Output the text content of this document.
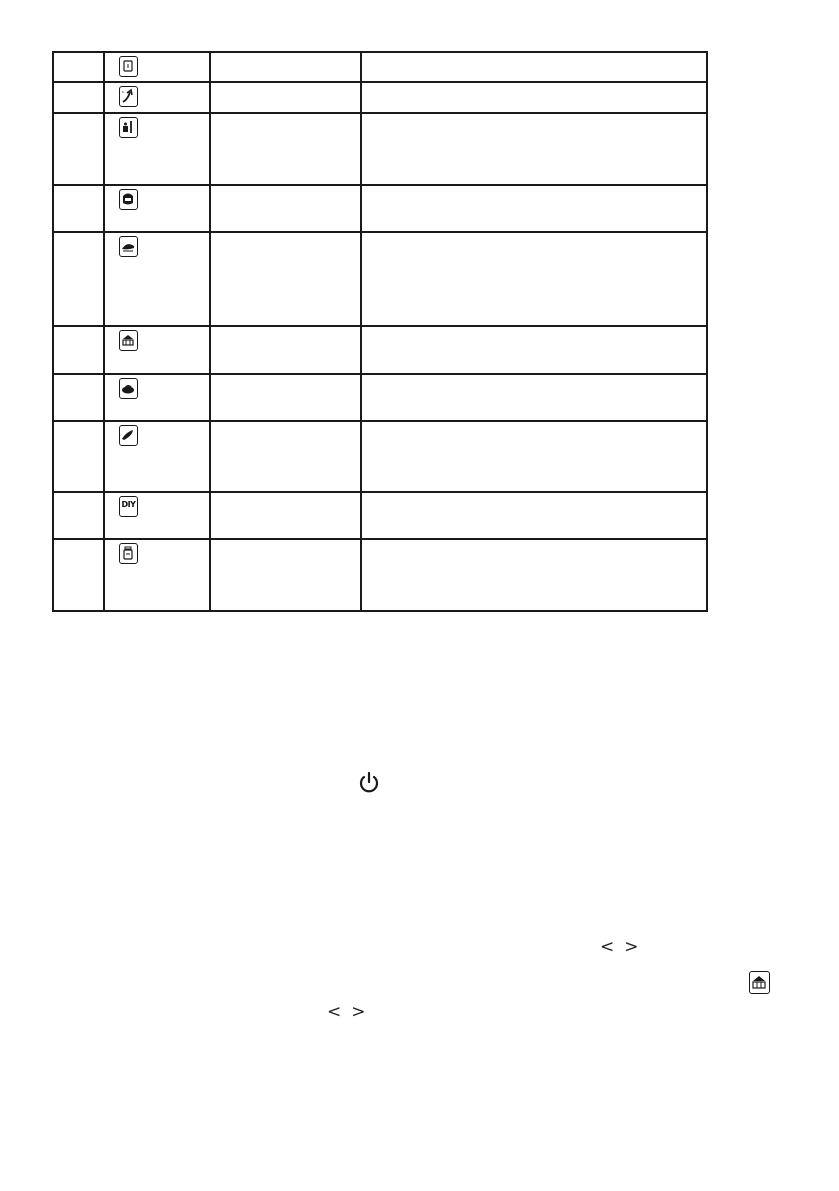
c		

	DIY		

< >
< >
